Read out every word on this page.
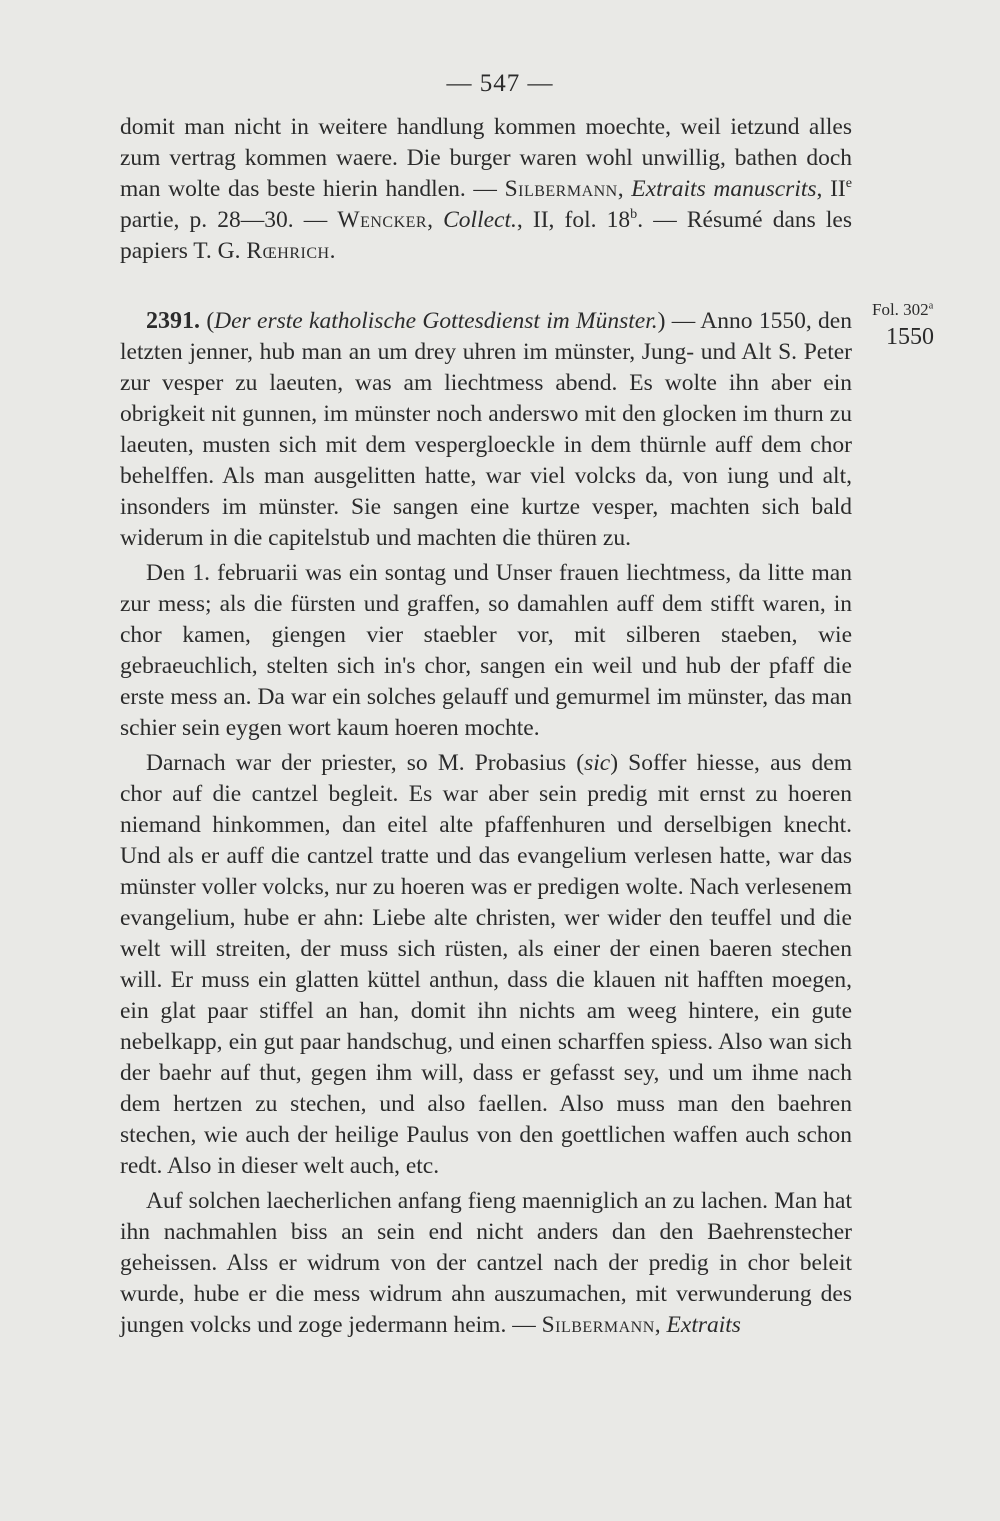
— 547 —

domit man nicht in weitere handlung kommen moechte, weil ietzund alles zum vertrag kommen waere. Die burger waren wohl unwillig, bathen doch man wolte das beste hierin handlen. — Silbermann, Extraits manuscrits, IIe partie, p. 28—30. — Wencker, Collect., II, fol. 18$^b$. — Résumé dans les papiers T. G. Rœhrich.

2391. (Der erste katholische Gottesdienst im Münster.) — Anno 1550, den letzten jenner, hub man an um drey uhren im münster, Jung- und Alt S. Peter zur vesper zu laeuten, was am liechtmess abend. Es wolte ihn aber ein obrigkeit nit gunnen, im münster noch anderswo mit den glocken im thurn zu laeuten, musten sich mit dem vespergloeckle in dem thürnle auff dem chor behelffen. Als man ausgelitten hatte, war viel volcks da, von iung und alt, insonders im münster. Sie sangen eine kurtze vesper, machten sich bald widerum in die capitelstub und machten die thüren zu.

Den 1. februarii was ein sontag und Unser frauen liechtmess, da litte man zur mess; als die fürsten und graffen, so damahlen auff dem stifft waren, in chor kamen, giengen vier staebler vor, mit silberen staeben, wie gebraeuchlich, stelten sich in's chor, sangen ein weil und hub der pfaff die erste mess an. Da war ein solches gelauff und gemurmel im münster, das man schier sein eygen wort kaum hoeren mochte.

Darnach war der priester, so M. Probasius (sic) Soffer hiesse, aus dem chor auf die cantzel begleit. Es war aber sein predig mit ernst zu hoeren niemand hinkommen, dan eitel alte pfaffenhuren und derselbigen knecht. Und als er auff die cantzel tratte und das evangelium verlesen hatte, war das münster voller volcks, nur zu hoeren was er predigen wolte. Nach verlesenem evangelium, hube er ahn: Liebe alte christen, wer wider den teuffel und die welt will streiten, der muss sich rüsten, als einer der einen baeren stechen will. Er muss ein glatten küttel anthun, dass die klauen nit hafften moegen, ein glat paar stiffel an han, domit ihn nichts am weeg hintere, ein gute nebelkapp, ein gut paar handschug, und einen scharffen spiess. Also wan sich der baehr auf thut, gegen ihm will, dass er gefasst sey, und um ihme nach dem hertzen zu stechen, und also faellen. Also muss man den baehren stechen, wie auch der heilige Paulus von den goettlichen waffen auch schon redt. Also in dieser welt auch, etc.

Auf solchen laecherlichen anfang fieng maenniglich an zu lachen. Man hat ihn nachmahlen biss an sein end nicht anders dan den Baehrenstecher geheissen. Alss er widrum von der cantzel nach der predig in chor beleit wurde, hube er die mess widrum ahn auszumachen, mit verwunderung des jungen volcks und zoge jedermann heim. — Silbermann, Extraits

Fol. 302$^a$
1550
